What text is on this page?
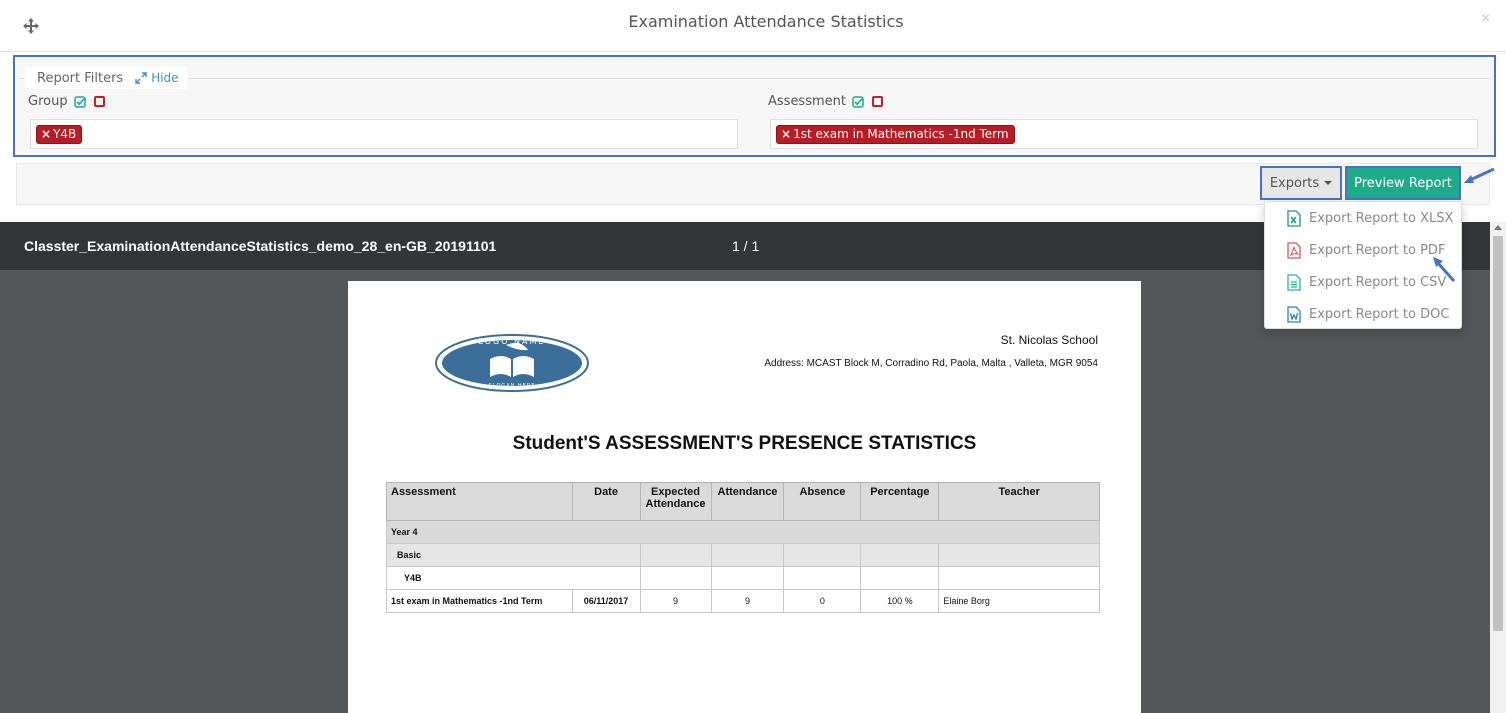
Examination Attendance Statistics	×
Report Filters Hide
Group
× Y4B
Assessment
× 1st exam in Mathematics -1nd Term
Exports	Preview Report
Classter_ExaminationAttendanceStatistics_demo_28_en-GB_20191101	1 / 1
LOGO NAME
SLOGAN HERE
St. Nicolas School
Address: MCAST Block M, Corradino Rd, Paola, Malta , Valleta, MGR 9054
Student'S ASSESSMENT'S PRESENCE STATISTICS
Assessment	Date	Expected Attendance	Attendance	Absence	Percentage	Teacher
Year 4						
Basic						
Y4B						
1st exam in Mathematics -1nd Term	06/11/2017	9	9	0	100 %	Elaine Borg
Export Report to XLSX
Export Report to PDF
Export Report to CSV
Export Report to DOC
